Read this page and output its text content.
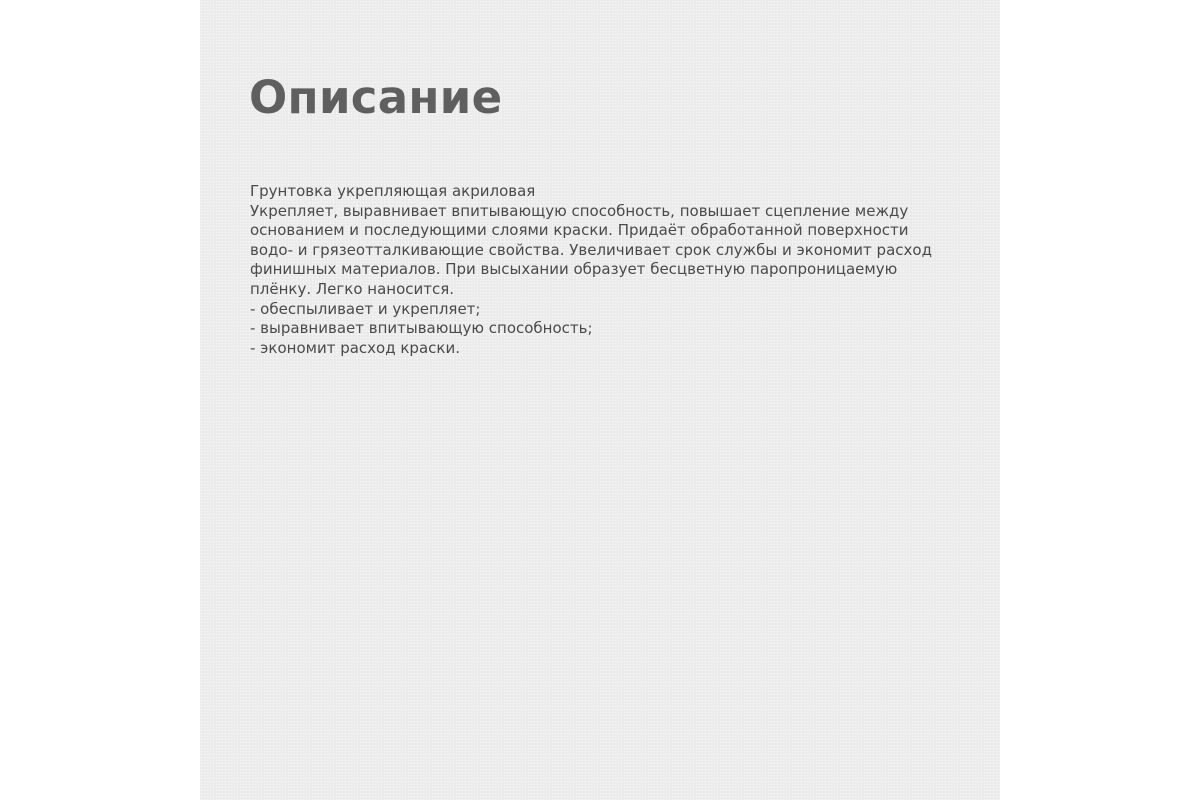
Описание
Грунтовка укрепляющая акриловая
Укрепляет, выравнивает впитывающую способность, повышает сцепление между
основанием и последующими слоями краски. Придаёт обработанной поверхности
водо- и грязеотталкивающие свойства. Увеличивает срок службы и экономит расход
финишных материалов. При высыхании образует бесцветную паропроницаемую
плёнку. Легко наносится.
- обеспыливает и укрепляет;
- выравнивает впитывающую способность;
- экономит расход краски.
